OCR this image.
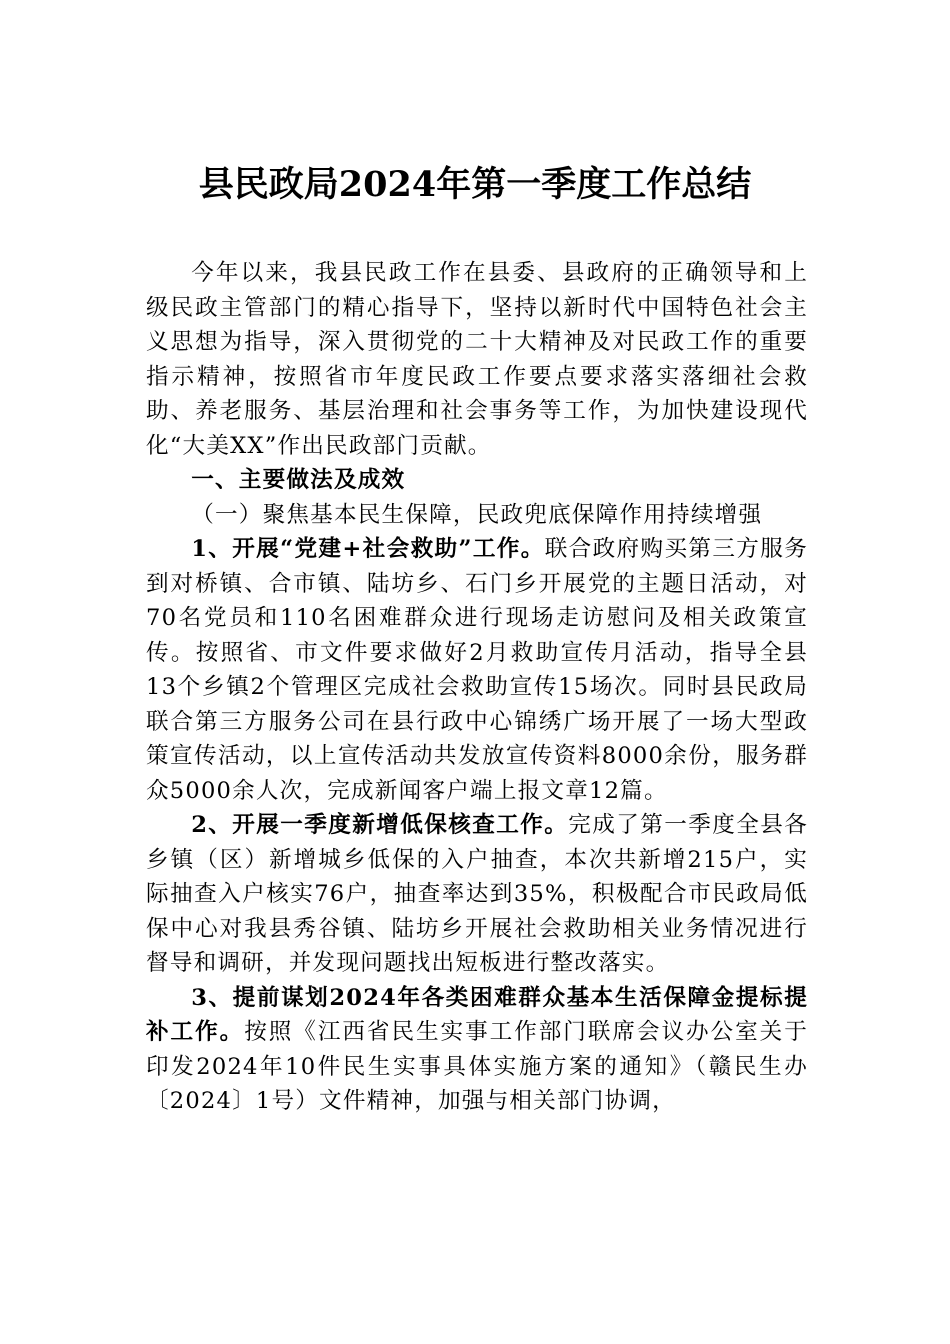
县民政局2024年第一季度工作总结

今年以来，我县民政工作在县委、县政府的正确领导和上级民政主管部门的精心指导下，坚持以新时代中国特色社会主义思想为指导，深入贯彻党的二十大精神及对民政工作的重要指示精神，按照省市年度民政工作要点要求落实落细社会救助、养老服务、基层治理和社会事务等工作，为加快建设现代化“大美XX”作出民政部门贡献。

一、主要做法及成效

（一）聚焦基本民生保障，民政兜底保障作用持续增强

1、开展“党建+社会救助”工作。联合政府购买第三方服务到对桥镇、合市镇、陆坊乡、石门乡开展党的主题日活动，对70名党员和110名困难群众进行现场走访慰问及相关政策宣传。按照省、市文件要求做好2月救助宣传月活动，指导全县13个乡镇2个管理区完成社会救助宣传15场次。同时县民政局联合第三方服务公司在县行政中心锦绣广场开展了一场大型政策宣传活动，以上宣传活动共发放宣传资料8000余份，服务群众5000余人次，完成新闻客户端上报文章12篇。

2、开展一季度新增低保核查工作。完成了第一季度全县各乡镇（区）新增城乡低保的入户抽查，本次共新增215户，实际抽查入户核实76户，抽查率达到35%，积极配合市民政局低保中心对我县秀谷镇、陆坊乡开展社会救助相关业务情况进行督导和调研，并发现问题找出短板进行整改落实。

3、提前谋划2024年各类困难群众基本生活保障金提标提补工作。按照《江西省民生实事工作部门联席会议办公室关于印发2024年10件民生实事具体实施方案的通知》（赣民生办〔2024〕1号）文件精神，加强与相关部门协调，
